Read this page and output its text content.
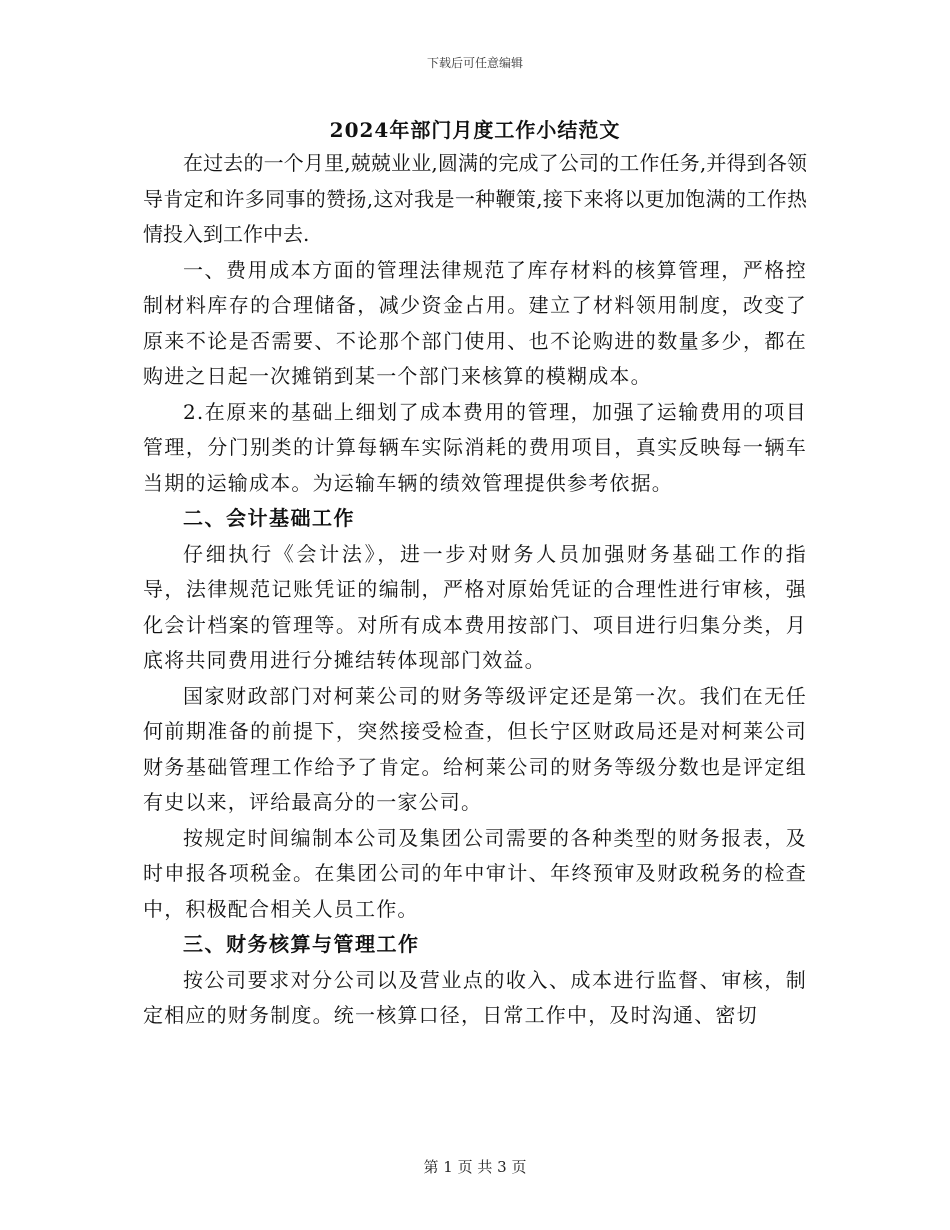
下载后可任意编辑
2024年部门月度工作小结范文

在过去的一个月里,兢兢业业,圆满的完成了公司的工作任务,并得到各领导肯定和许多同事的赞扬,这对我是一种鞭策,接下来将以更加饱满的工作热情投入到工作中去.

一、费用成本方面的管理法律规范了库存材料的核算管理，严格控制材料库存的合理储备，减少资金占用。建立了材料领用制度，改变了原来不论是否需要、不论那个部门使用、也不论购进的数量多少，都在购进之日起一次摊销到某一个部门来核算的模糊成本。

2.在原来的基础上细划了成本费用的管理，加强了运输费用的项目管理，分门别类的计算每辆车实际消耗的费用项目，真实反映每一辆车当期的运输成本。为运输车辆的绩效管理提供参考依据。

二、会计基础工作

仔细执行《会计法》，进一步对财务人员加强财务基础工作的指导，法律规范记账凭证的编制，严格对原始凭证的合理性进行审核，强化会计档案的管理等。对所有成本费用按部门、项目进行归集分类，月底将共同费用进行分摊结转体现部门效益。

国家财政部门对柯莱公司的财务等级评定还是第一次。我们在无任何前期准备的前提下，突然接受检查，但长宁区财政局还是对柯莱公司财务基础管理工作给予了肯定。给柯莱公司的财务等级分数也是评定组有史以来，评给最高分的一家公司。

按规定时间编制本公司及集团公司需要的各种类型的财务报表，及时申报各项税金。在集团公司的年中审计、年终预审及财政税务的检查中，积极配合相关人员工作。

三、财务核算与管理工作

按公司要求对分公司以及营业点的收入、成本进行监督、审核，制定相应的财务制度。统一核算口径，日常工作中，及时沟通、密切

第 1 页 共 3 页
